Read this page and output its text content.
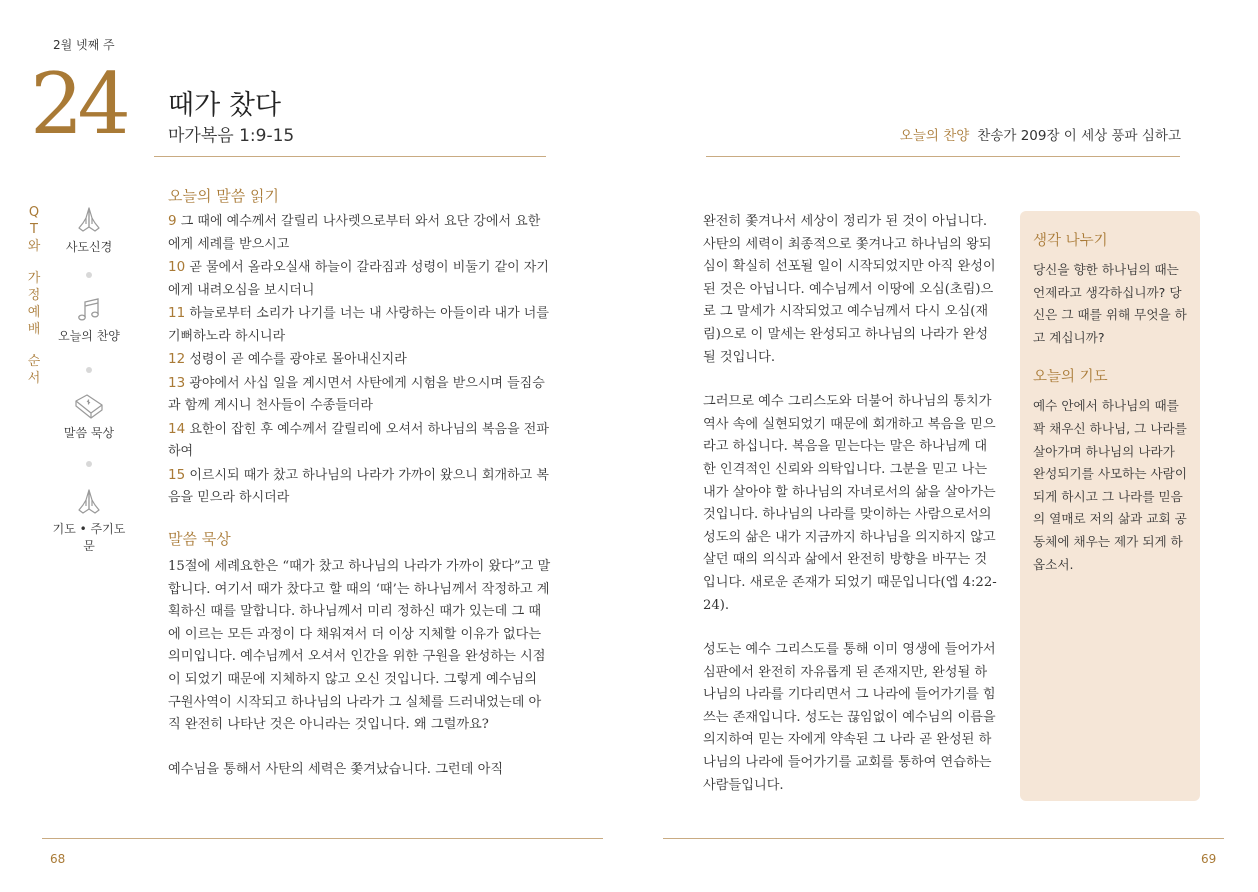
2월 넷째 주
24 때가 찼다
마가복음 1:9-15
Q
T
와
가
정
예
배
순
서
사도신경
오늘의 찬양
말씀 묵상
기도 • 주기도문
오늘의 말씀 읽기
9 그 때에 예수께서 갈릴리 나사렛으로부터 와서 요단 강에서 요한에게 세례를 받으시고
10 곧 물에서 올라오실새 하늘이 갈라짐과 성령이 비둘기 같이 자기에게 내려오심을 보시더니
11 하늘로부터 소리가 나기를 너는 내 사랑하는 아들이라 내가 너를 기뻐하노라 하시니라
12 성령이 곧 예수를 광야로 몰아내신지라
13 광야에서 사십 일을 계시면서 사탄에게 시험을 받으시며 들짐승과 함께 계시니 천사들이 수종들더라
14 요한이 잡힌 후 예수께서 갈릴리에 오셔서 하나님의 복음을 전파하여
15 이르시되 때가 찼고 하나님의 나라가 가까이 왔으니 회개하고 복음을 믿으라 하시더라
말씀 묵상

15절에 세례요한은 “때가 찼고 하나님의 나라가 가까이 왔다”고 말합니다. 여기서 때가 찼다고 할 때의 ‘때’는 하나님께서 작정하고 계획하신 때를 말합니다. 하나님께서 미리 정하신 때가 있는데 그 때에 이르는 모든 과정이 다 채워져서 더 이상 지체할 이유가 없다는 의미입니다. 예수님께서 오셔서 인간을 위한 구원을 완성하는 시점이 되었기 때문에 지체하지 않고 오신 것입니다. 그렇게 예수님의 구원사역이 시작되고 하나님의 나라가 그 실체를 드러내었는데 아직 완전히 나타난 것은 아니라는 것입니다. 왜 그럴까요?

예수님을 통해서 사탄의 세력은 쫓겨났습니다. 그런데 아직

68
오늘의 찬양 찬송가 209장 이 세상 풍파 심하고

완전히 쫓겨나서 세상이 정리가 된 것이 아닙니다. 사탄의 세력이 최종적으로 쫓겨나고 하나님의 왕되심이 확실히 선포될 일이 시작되었지만 아직 완성이 된 것은 아닙니다. 예수님께서 이땅에 오심(초림)으로 그 말세가 시작되었고 예수님께서 다시 오심(재림)으로 이 말세는 완성되고 하나님의 나라가 완성될 것입니다.

그러므로 예수 그리스도와 더불어 하나님의 통치가 역사 속에 실현되었기 때문에 회개하고 복음을 믿으라고 하십니다. 복음을 믿는다는 말은 하나님께 대한 인격적인 신뢰와 의탁입니다. 그분을 믿고 나는 내가 살아야 할 하나님의 자녀로서의 삶을 살아가는 것입니다. 하나님의 나라를 맞이하는 사람으로서의 성도의 삶은 내가 지금까지 하나님을 의지하지 않고 살던 때의 의식과 삶에서 완전히 방향을 바꾸는 것입니다. 새로운 존재가 되었기 때문입니다(엡 4:22-24).

성도는 예수 그리스도를 통해 이미 영생에 들어가서 심판에서 완전히 자유롭게 된 존재지만, 완성될 하나님의 나라를 기다리면서 그 나라에 들어가기를 힘쓰는 존재입니다. 성도는 끊임없이 예수님의 이름을 의지하여 믿는 자에게 약속된 그 나라 곧 완성된 하나님의 나라에 들어가기를 교회를 통하여 연습하는 사람들입니다.

생각 나누기

당신을 향한 하나님의 때는 언제라고 생각하십니까? 당신은 그 때를 위해 무엇을 하고 계십니까?

오늘의 기도

예수 안에서 하나님의 때를 꽉 채우신 하나님, 그 나라를 살아가며 하나님의 나라가 완성되기를 사모하는 사람이 되게 하시고 그 나라를 믿음의 열매로 저의 삶과 교회 공동체에 채우는 제가 되게 하옵소서.

69
